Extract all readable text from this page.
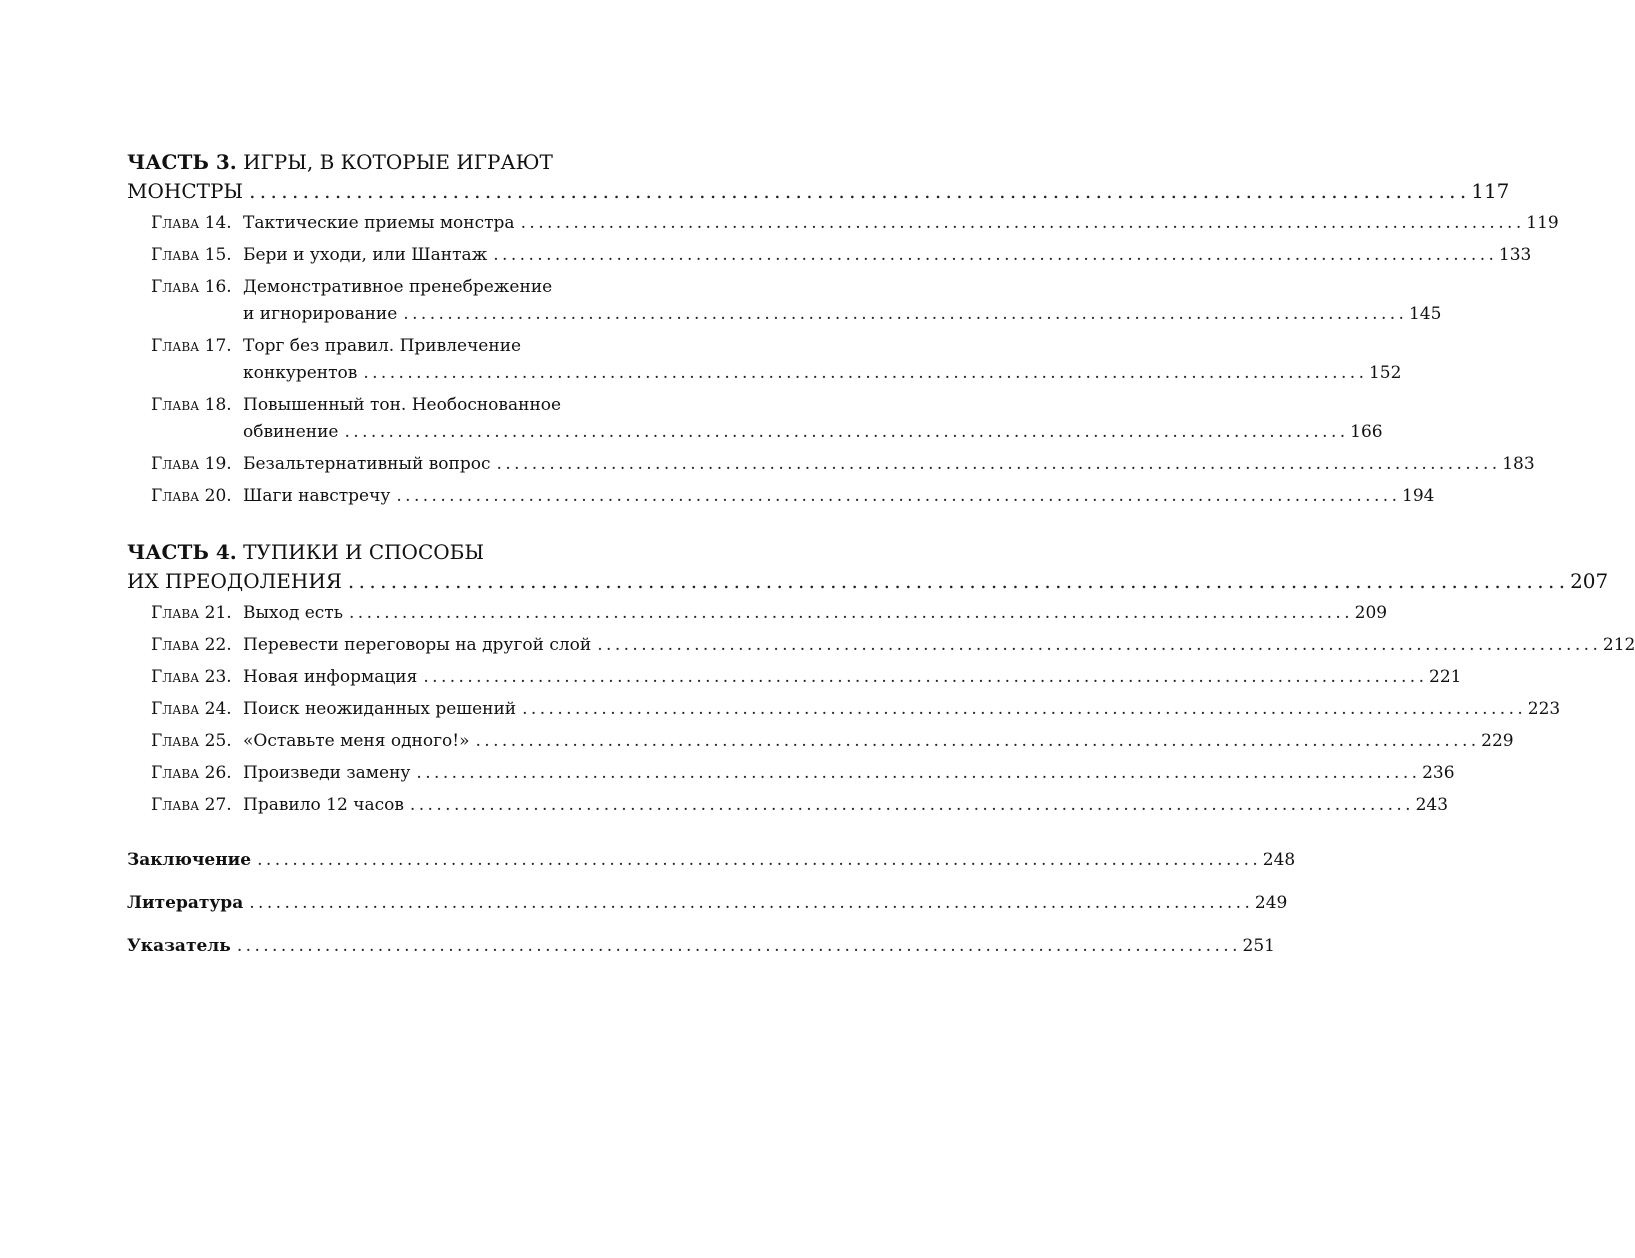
ЧАСТЬ 3. ИГРЫ, В КОТОРЫЕ ИГРАЮТ
МОНСТРЫ . . .	117
Глава 14. Тактические приемы монстра . . .	119
Глава 15. Бери и уходи, или Шантаж . . .	133
Глава 16. Демонстративное пренебрежение
и игнорирование . . .	145
Глава 17. Торг без правил. Привлечение
конкурентов . . .	152
Глава 18. Повышенный тон. Необоснованное
обвинение . . .	166
Глава 19. Безальтернативный вопрос . . .	183
Глава 20. Шаги навстречу . . .	194
ЧАСТЬ 4. ТУПИКИ И СПОСОБЫ
ИХ ПРЕОДОЛЕНИЯ . . .	207
Глава 21. Выход есть . . .	209
Глава 22. Перевести переговоры на другой слой . . .	212
Глава 23. Новая информация . . .	221
Глава 24. Поиск неожиданных решений . . .	223
Глава 25. «Оставьте меня одного!» . . .	229
Глава 26. Произведи замену . . .	236
Глава 27. Правило 12 часов . . .	243
Заключение . . .	248
Литература . . .	249
Указатель . . .	251
